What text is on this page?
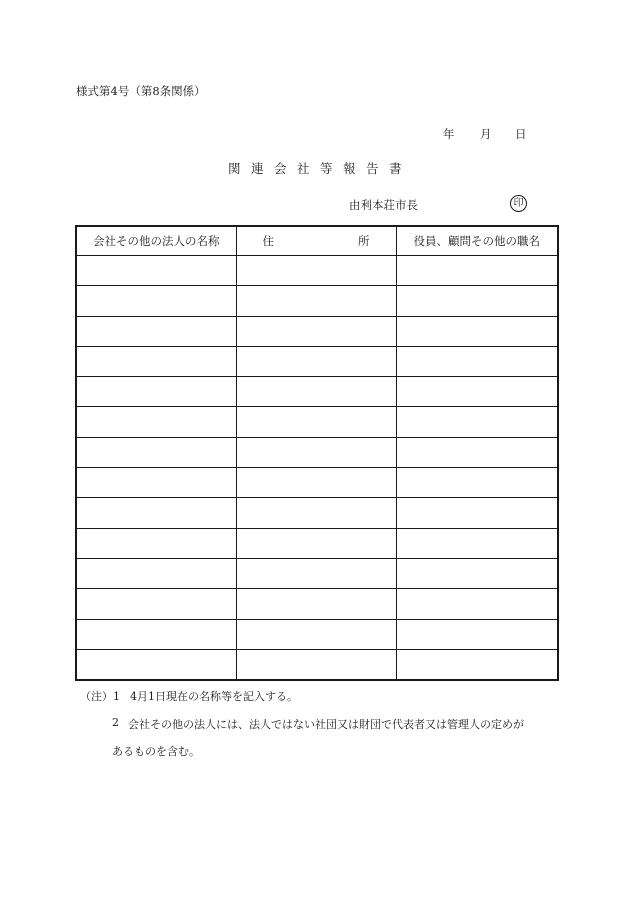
様式第4号（第8条関係）
年 月 日
関連会社等報告書
由利本荘市長	印
会社その他の法人の名称	住 所	役員、顧問その他の職名

（注）1 4月1日現在の名称等を記入する。
2 会社その他の法人には、法人ではない社団又は財団で代表者又は管理人の定めが
あるものを含む。
